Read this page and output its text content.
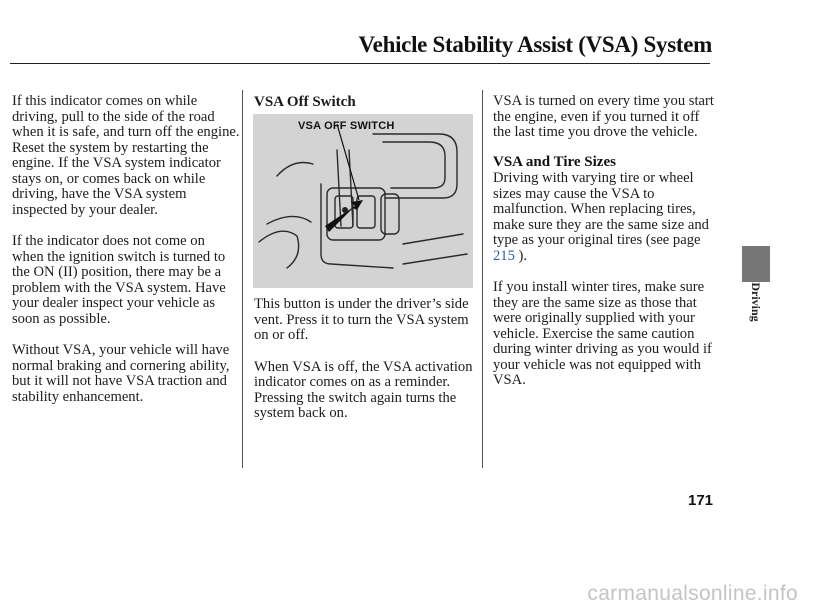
Vehicle Stability Assist (VSA) System

If this indicator comes on while driving, pull to the side of the road when it is safe, and turn off the engine. Reset the system by restarting the engine. If the VSA system indicator stays on, or comes back on while driving, have the VSA system inspected by your dealer.

If the indicator does not come on when the ignition switch is turned to the ON (II) position, there may be a problem with the VSA system. Have your dealer inspect your vehicle as soon as possible.

Without VSA, your vehicle will have normal braking and cornering ability, but it will not have VSA traction and stability enhancement.

VSA Off Switch
VSA OFF SWITCH

This button is under the driver’s side vent. Press it to turn the VSA system on or off.

When VSA is off, the VSA activation indicator comes on as a reminder. Pressing the switch again turns the system back on.

VSA is turned on every time you start the engine, even if you turned it off the last time you drove the vehicle.

VSA and Tire Sizes

Driving with varying tire or wheel sizes may cause the VSA to malfunction. When replacing tires, make sure they are the same size and type as your original tires (see page 215 ).

If you install winter tires, make sure they are the same size as those that were originally supplied with your vehicle. Exercise the same caution during winter driving as you would if your vehicle was not equipped with VSA.

Driving
171
carmanualsonline.info
